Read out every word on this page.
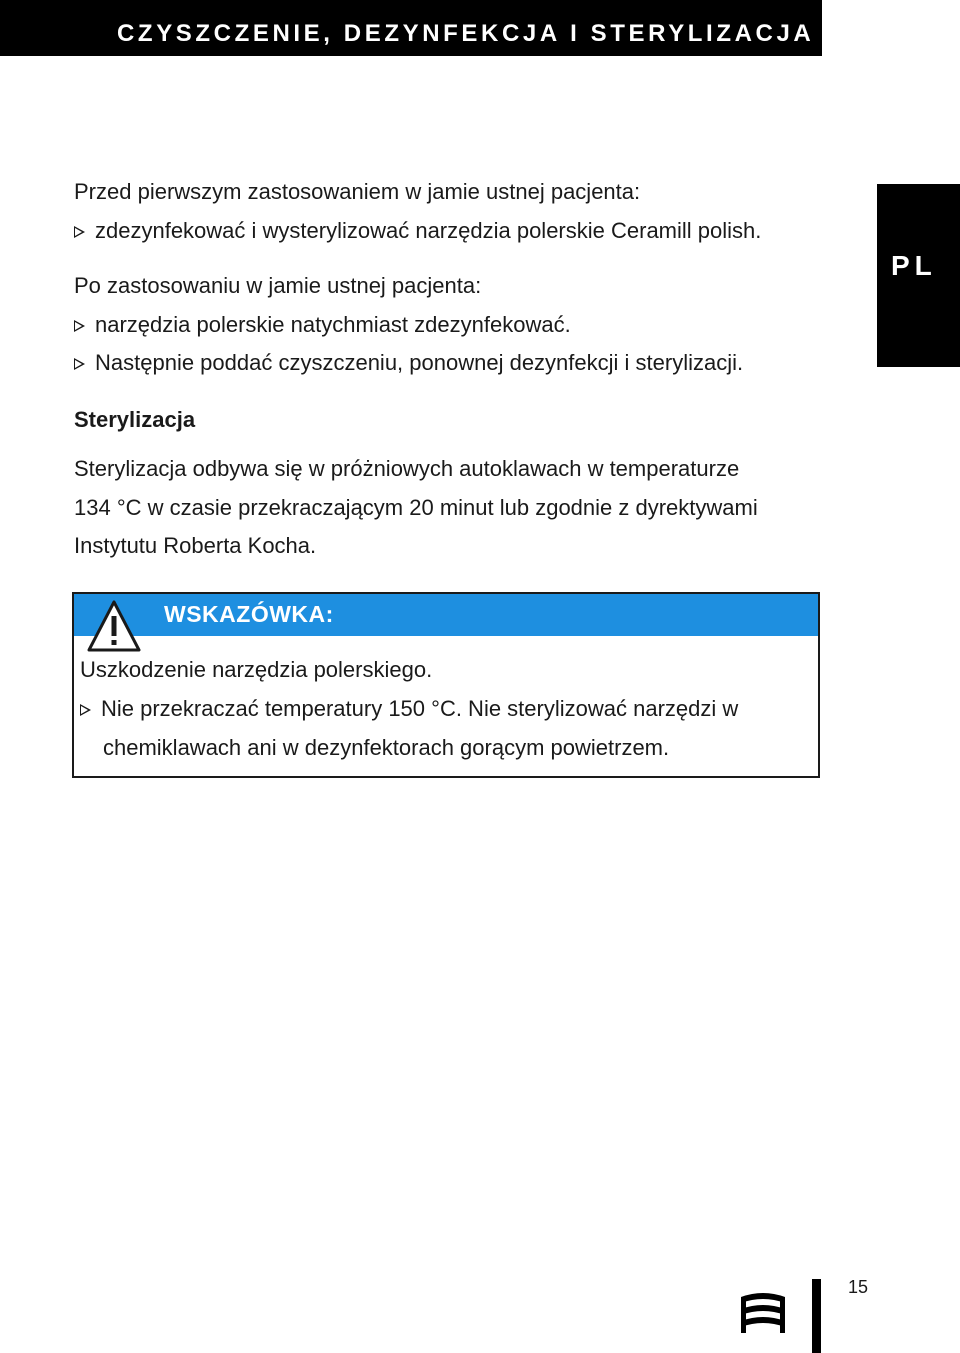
CZYSZCZENIE, DEZYNFEKCJA I STERYLIZACJA
PL
Przed pierwszym zastosowaniem w jamie ustnej pacjenta:
zdezynfekować i wysterylizować narzędzia polerskie Ceramill polish.
Po zastosowaniu w jamie ustnej pacjenta:
narzędzia polerskie natychmiast zdezynfekować.
Następnie poddać czyszczeniu, ponownej dezynfekcji i sterylizacji.
Sterylizacja
Sterylizacja odbywa się w próżniowych autoklawach w temperaturze
134 °C w czasie przekraczającym 20 minut lub zgodnie z dyrektywami
Instytutu Roberta Kocha.
WSKAZÓWKA:
Uszkodzenie narzędzia polerskiego.
Nie przekraczać temperatury 150 °C. Nie sterylizować narzędzi w
chemiklawach ani w dezynfektorach gorącym powietrzem.
15
